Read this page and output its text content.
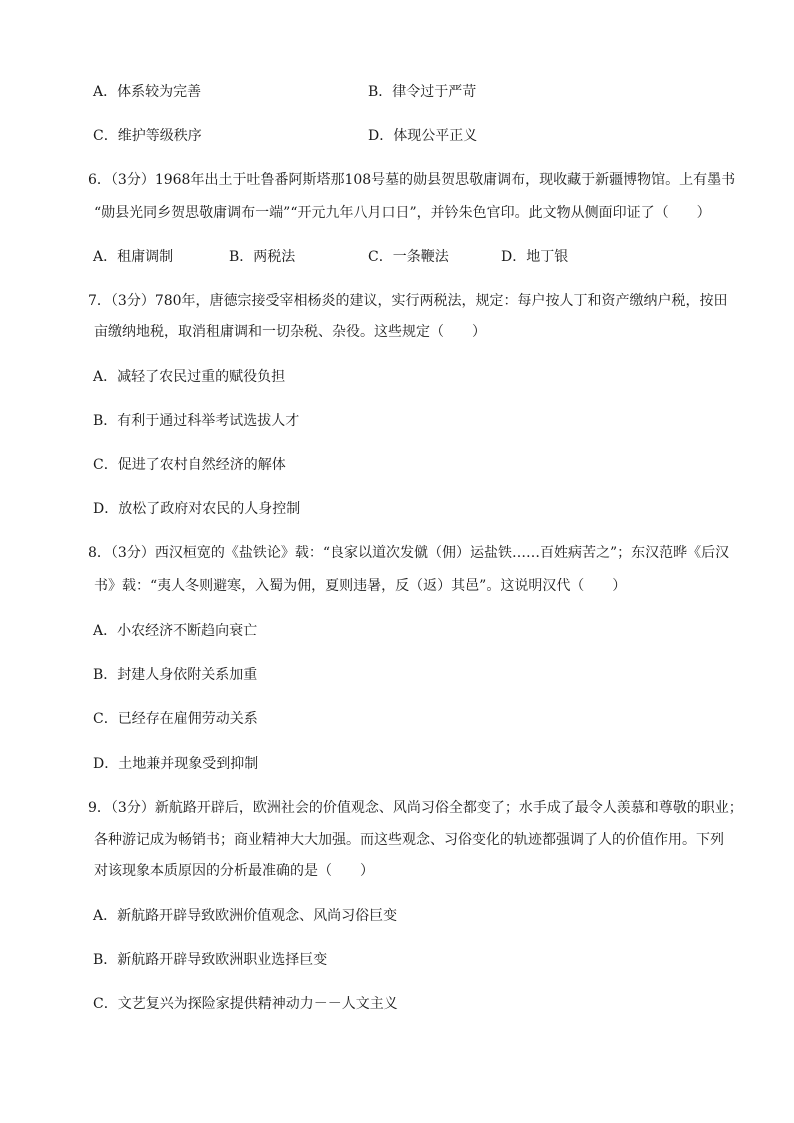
A．体系较为完善	B．律令过于严苛
C．维护等级秩序	D．体现公平正义
6．（3分）1968年出土于吐鲁番阿斯塔那108号墓的勋县贺思敬庸调布，现收藏于新疆博物馆。上有墨书
“勋县光同乡贺思敬庸调布一端”“开元九年八月口日”，并钤朱色官印。此文物从侧面印证了（　　）
A．租庸调制	B．两税法	C．一条鞭法	D．地丁银
7．（3分）780年，唐德宗接受宰相杨炎的建议，实行两税法，规定：每户按人丁和资产缴纳户税，按田
亩缴纳地税，取消租庸调和一切杂税、杂役。这些规定（　　）
A．减轻了农民过重的赋役负担
B．有利于通过科举考试选拔人才
C．促进了农村自然经济的解体
D．放松了政府对农民的人身控制
8．（3分）西汉桓宽的《盐铁论》载：“良家以道次发僦（佣）运盐铁……百姓病苦之”；东汉范晔《后汉
书》载：“夷人冬则避寒，入蜀为佣，夏则违暑，反（返）其邑”。这说明汉代（　　）
A．小农经济不断趋向衰亡
B．封建人身依附关系加重
C．已经存在雇佣劳动关系
D．土地兼并现象受到抑制
9．（3分）新航路开辟后，欧洲社会的价值观念、风尚习俗全都变了；水手成了最令人羡慕和尊敬的职业；
各种游记成为畅销书；商业精神大大加强。而这些观念、习俗变化的轨迹都强调了人的价值作用。下列
对该现象本质原因的分析最准确的是（　　）
A．新航路开辟导致欧洲价值观念、风尚习俗巨变
B．新航路开辟导致欧洲职业选择巨变
C．文艺复兴为探险家提供精神动力－－人文主义
